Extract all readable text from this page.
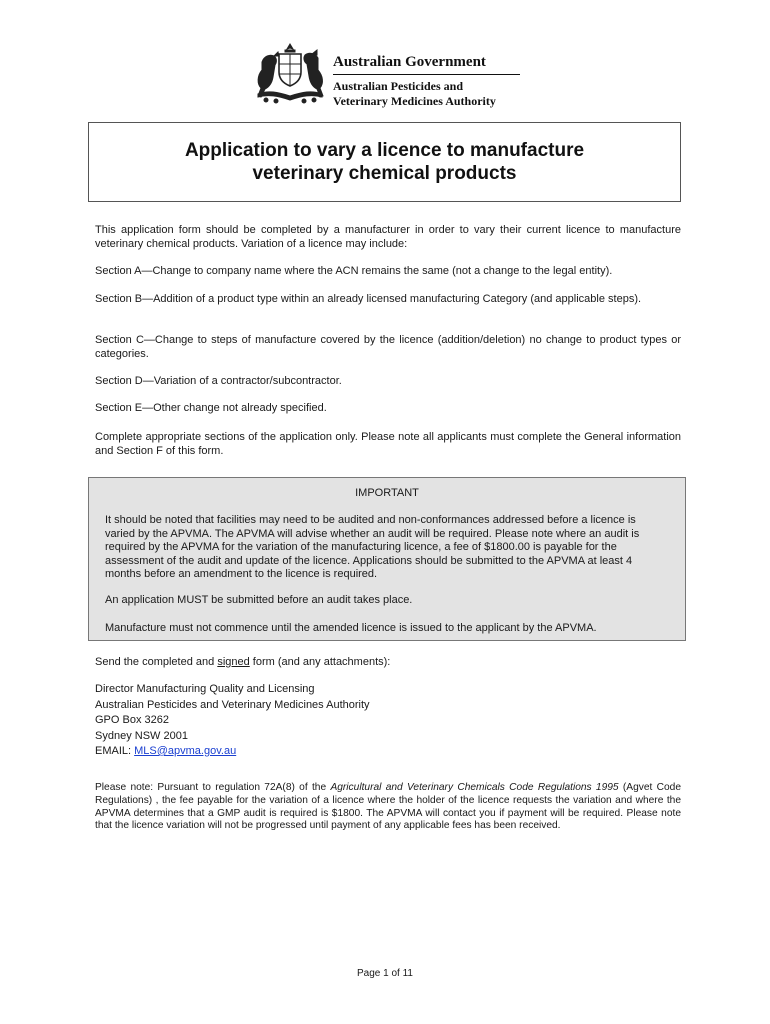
Australian Government
Australian Pesticides and
Veterinary Medicines Authority
Application to vary a licence to manufacture
veterinary chemical products

This application form should be completed by a manufacturer in order to vary their current licence to manufacture veterinary chemical products. Variation of a licence may include:

Section A—Change to company name where the ACN remains the same (not a change to the legal entity).

Section B—Addition of a product type within an already licensed manufacturing Category (and applicable steps).

Section C—Change to steps of manufacture covered by the licence (addition/deletion) no change to product types or categories.

Section D—Variation of a contractor/subcontractor.

Section E—Other change not already specified.

Complete appropriate sections of the application only. Please note all applicants must complete the General information and Section F of this form.

IMPORTANT

It should be noted that facilities may need to be audited and non-conformances addressed before a licence is varied by the APVMA. The APVMA will advise whether an audit will be required. Please note where an audit is required by the APVMA for the variation of the manufacturing licence, a fee of $1800.00 is payable for the assessment of the audit and update of the licence. Applications should be submitted to the APVMA at least 4 months before an amendment to the licence is required.

An application MUST be submitted before an audit takes place.

Manufacture must not commence until the amended licence is issued to the applicant by the APVMA.

Send the completed and signed form (and any attachments):

Director Manufacturing Quality and Licensing
Australian Pesticides and Veterinary Medicines Authority
GPO Box 3262
Sydney NSW 2001
EMAIL: MLS@apvma.gov.au

Please note: Pursuant to regulation 72A(8) of the Agricultural and Veterinary Chemicals Code Regulations 1995 (Agvet Code Regulations) , the fee payable for the variation of a licence where the holder of the licence requests the variation and where the APVMA determines that a GMP audit is required is $1800. The APVMA will contact you if payment will be required. Please note that the licence variation will not be progressed until payment of any applicable fees has been received.

Page 1 of 11
